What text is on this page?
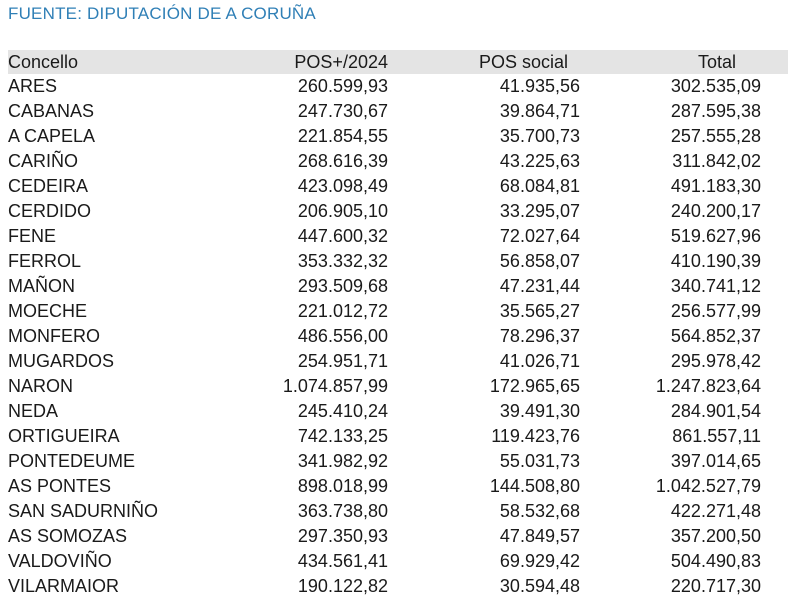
FUENTE: DIPUTACIÓN DE A CORUÑA
Concello	POS+/2024	POS social	Total
ARES	260.599,93	41.935,56	302.535,09
CABANAS	247.730,67	39.864,71	287.595,38
A CAPELA	221.854,55	35.700,73	257.555,28
CARIÑO	268.616,39	43.225,63	311.842,02
CEDEIRA	423.098,49	68.084,81	491.183,30
CERDIDO	206.905,10	33.295,07	240.200,17
FENE	447.600,32	72.027,64	519.627,96
FERROL	353.332,32	56.858,07	410.190,39
MAÑON	293.509,68	47.231,44	340.741,12
MOECHE	221.012,72	35.565,27	256.577,99
MONFERO	486.556,00	78.296,37	564.852,37
MUGARDOS	254.951,71	41.026,71	295.978,42
NARON	1.074.857,99	172.965,65	1.247.823,64
NEDA	245.410,24	39.491,30	284.901,54
ORTIGUEIRA	742.133,25	119.423,76	861.557,11
PONTEDEUME	341.982,92	55.031,73	397.014,65
AS PONTES	898.018,99	144.508,80	1.042.527,79
SAN SADURNIÑO	363.738,80	58.532,68	422.271,48
AS SOMOZAS	297.350,93	47.849,57	357.200,50
VALDOVIÑO	434.561,41	69.929,42	504.490,83
VILARMAIOR	190.122,82	30.594,48	220.717,30
